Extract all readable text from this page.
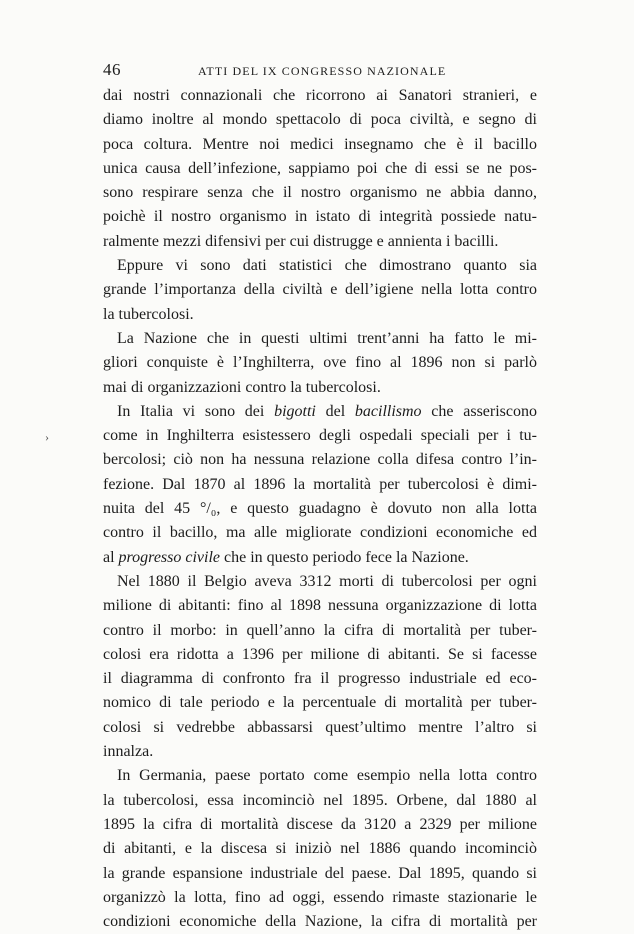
46	ATTI DEL IX CONGRESSO NAZIONALE
›
dai nostri connazionali che ricorrono ai Sanatori stranieri, e
diamo inoltre al mondo spettacolo di poca civiltà, e segno di
poca coltura. Mentre noi medici insegnamo che è il bacillo
unica causa dell’infezione, sappiamo poi che di essi se ne pos-
sono respirare senza che il nostro organismo ne abbia danno,
poichè il nostro organismo in istato di integrità possiede natu-
ralmente mezzi difensivi per cui distrugge e annienta i bacilli.
Eppure vi sono dati statistici che dimostrano quanto sia
grande l’importanza della civiltà e dell’igiene nella lotta contro
la tubercolosi.
La Nazione che in questi ultimi trent’anni ha fatto le mi-
gliori conquiste è l’Inghilterra, ove fino al 1896 non si parlò
mai di organizzazioni contro la tubercolosi.
In Italia vi sono dei bigotti del bacillismo che asseriscono
come in Inghilterra esistessero degli ospedali speciali per i tu-
bercolosi; ciò non ha nessuna relazione colla difesa contro l’in-
fezione. Dal 1870 al 1896 la mortalità per tubercolosi è dimi-
nuita del 45 °/₀, e questo guadagno è dovuto non alla lotta
contro il bacillo, ma alle migliorate condizioni economiche ed
al progresso civile che in questo periodo fece la Nazione.
Nel 1880 il Belgio aveva 3312 morti di tubercolosi per ogni
milione di abitanti: fino al 1898 nessuna organizzazione di lotta
contro il morbo: in quell’anno la cifra di mortalità per tuber-
colosi era ridotta a 1396 per milione di abitanti. Se si facesse
il diagramma di confronto fra il progresso industriale ed eco-
nomico di tale periodo e la percentuale di mortalità per tuber-
colosi si vedrebbe abbassarsi quest’ultimo mentre l’altro si
innalza.
In Germania, paese portato come esempio nella lotta contro
la tubercolosi, essa incominciò nel 1895. Orbene, dal 1880 al
1895 la cifra di mortalità discese da 3120 a 2329 per milione
di abitanti, e la discesa si iniziò nel 1886 quando incominciò
la grande espansione industriale del paese. Dal 1895, quando si
organizzò la lotta, fino ad oggi, essendo rimaste stazionarie le
condizioni economiche della Nazione, la cifra di mortalità per
